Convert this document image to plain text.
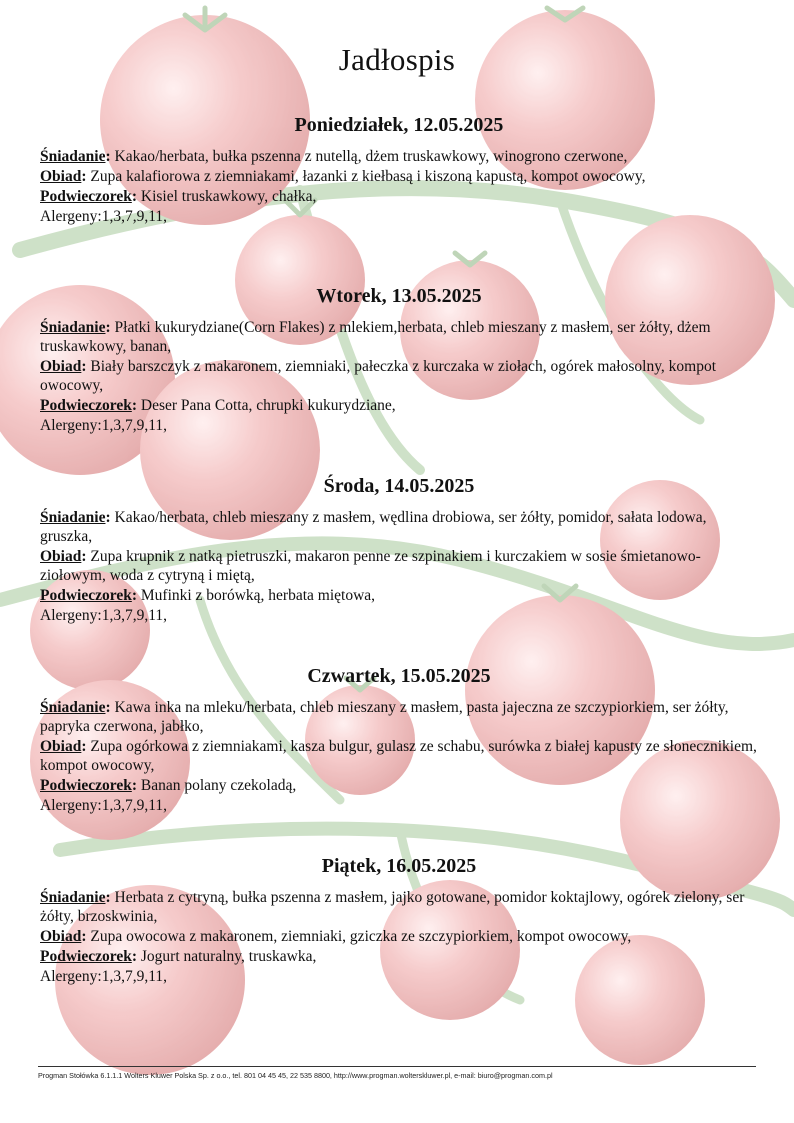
Jadłospis
Poniedziałek, 12.05.2025
Śniadanie: Kakao/herbata, bułka pszenna z nutellą, dżem truskawkowy, winogrono czerwone,
Obiad: Zupa kalafiorowa z ziemniakami, łazanki z kiełbasą i kiszoną kapustą, kompot owocowy,
Podwieczorek: Kisiel truskawkowy, chałka,
Alergeny:1,3,7,9,11,
Wtorek, 13.05.2025
Śniadanie: Płatki kukurydziane(Corn Flakes) z mlekiem,herbata, chleb mieszany z masłem, ser żółty, dżem truskawkowy, banan,
Obiad: Biały barszczyk z makaronem, ziemniaki, pałeczka z kurczaka w ziołach, ogórek małosolny, kompot owocowy,
Podwieczorek: Deser Pana Cotta, chrupki kukurydziane,
Alergeny:1,3,7,9,11,
Środa, 14.05.2025
Śniadanie: Kakao/herbata, chleb mieszany z masłem, wędlina drobiowa, ser żółty, pomidor, sałata lodowa, gruszka,
Obiad: Zupa krupnik z natką pietruszki, makaron penne ze szpinakiem i kurczakiem w sosie śmietanowo-ziołowym, woda z cytryną i miętą,
Podwieczorek: Mufinki z borówką, herbata miętowa,
Alergeny:1,3,7,9,11,
Czwartek, 15.05.2025
Śniadanie: Kawa inka na mleku/herbata, chleb mieszany z masłem, pasta jajeczna ze szczypiorkiem, ser żółty, papryka czerwona, jabłko,
Obiad: Zupa ogórkowa z ziemniakami, kasza bulgur, gulasz ze schabu, surówka z białej kapusty ze słonecznikiem, kompot owocowy,
Podwieczorek: Banan polany czekoladą,
Alergeny:1,3,7,9,11,
Piątek, 16.05.2025
Śniadanie: Herbata z cytryną, bułka pszenna z masłem, jajko gotowane, pomidor koktajlowy, ogórek zielony, ser żółty, brzoskwinia,
Obiad: Zupa owocowa z makaronem, ziemniaki, gziczka ze szczypiorkiem, kompot owocowy,
Podwieczorek: Jogurt naturalny, truskawka,
Alergeny:1,3,7,9,11,
Progman Stołówka 6.1.1.1 Wolters Kluwer Polska Sp. z o.o., tel. 801 04 45 45, 22 535 8800, http://www.progman.wolterskluwer.pl, e-mail: biuro@progman.com.pl
